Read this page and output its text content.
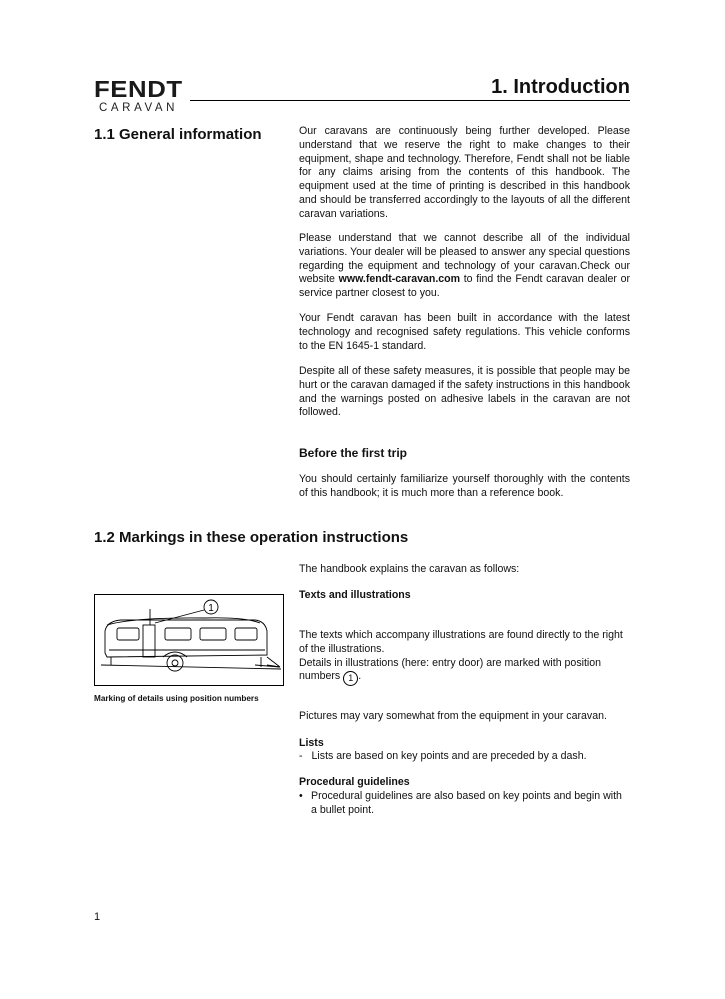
FENDT
CARAVAN
1. Introduction
1.1 General information	Our caravans are continuously being further developed. Please understand that we reserve the right to make changes to their equipment, shape and technology. Therefore, Fendt shall not be liable for any claims arising from the contents of this handbook. The equipment used at the time of printing is described in this handbook and should be transferred accordingly to the layouts of all the different caravan variations.

Please understand that we cannot describe all of the individual variations. Your dealer will be pleased to answer any special questions regarding the equipment and technology of your caravan.Check our website www.fendt-caravan.com to find the Fendt caravan dealer or service partner closest to you.

Your Fendt caravan has been built in accordance with the latest technology and recognised safety regulations. This vehicle conforms to the EN 1645-1 standard.

Despite all of these safety measures, it is possible that people may be hurt or the caravan damaged if the safety instructions in this handbook and the warnings posted on adhesive labels in the caravan are not followed.

Before the first trip

You should certainly familiarize yourself thoroughly with the contents of this handbook; it is much more than a reference book.

1.2 Markings in these operation instructions

The handbook explains the caravan as follows:

Texts and illustrations
The texts which accompany illustrations are found directly to the right of the illustrations.
Details in illustrations (here: entry door) are marked with position numbers 1 .
1
Marking of details using position numbers

Pictures may vary somewhat from the equipment in your caravan.

Lists
- Lists are based on key points and are preceded by a dash.
Procedural guidelines
• Procedural guidelines are also based on key points and begin with a bullet point.
1
